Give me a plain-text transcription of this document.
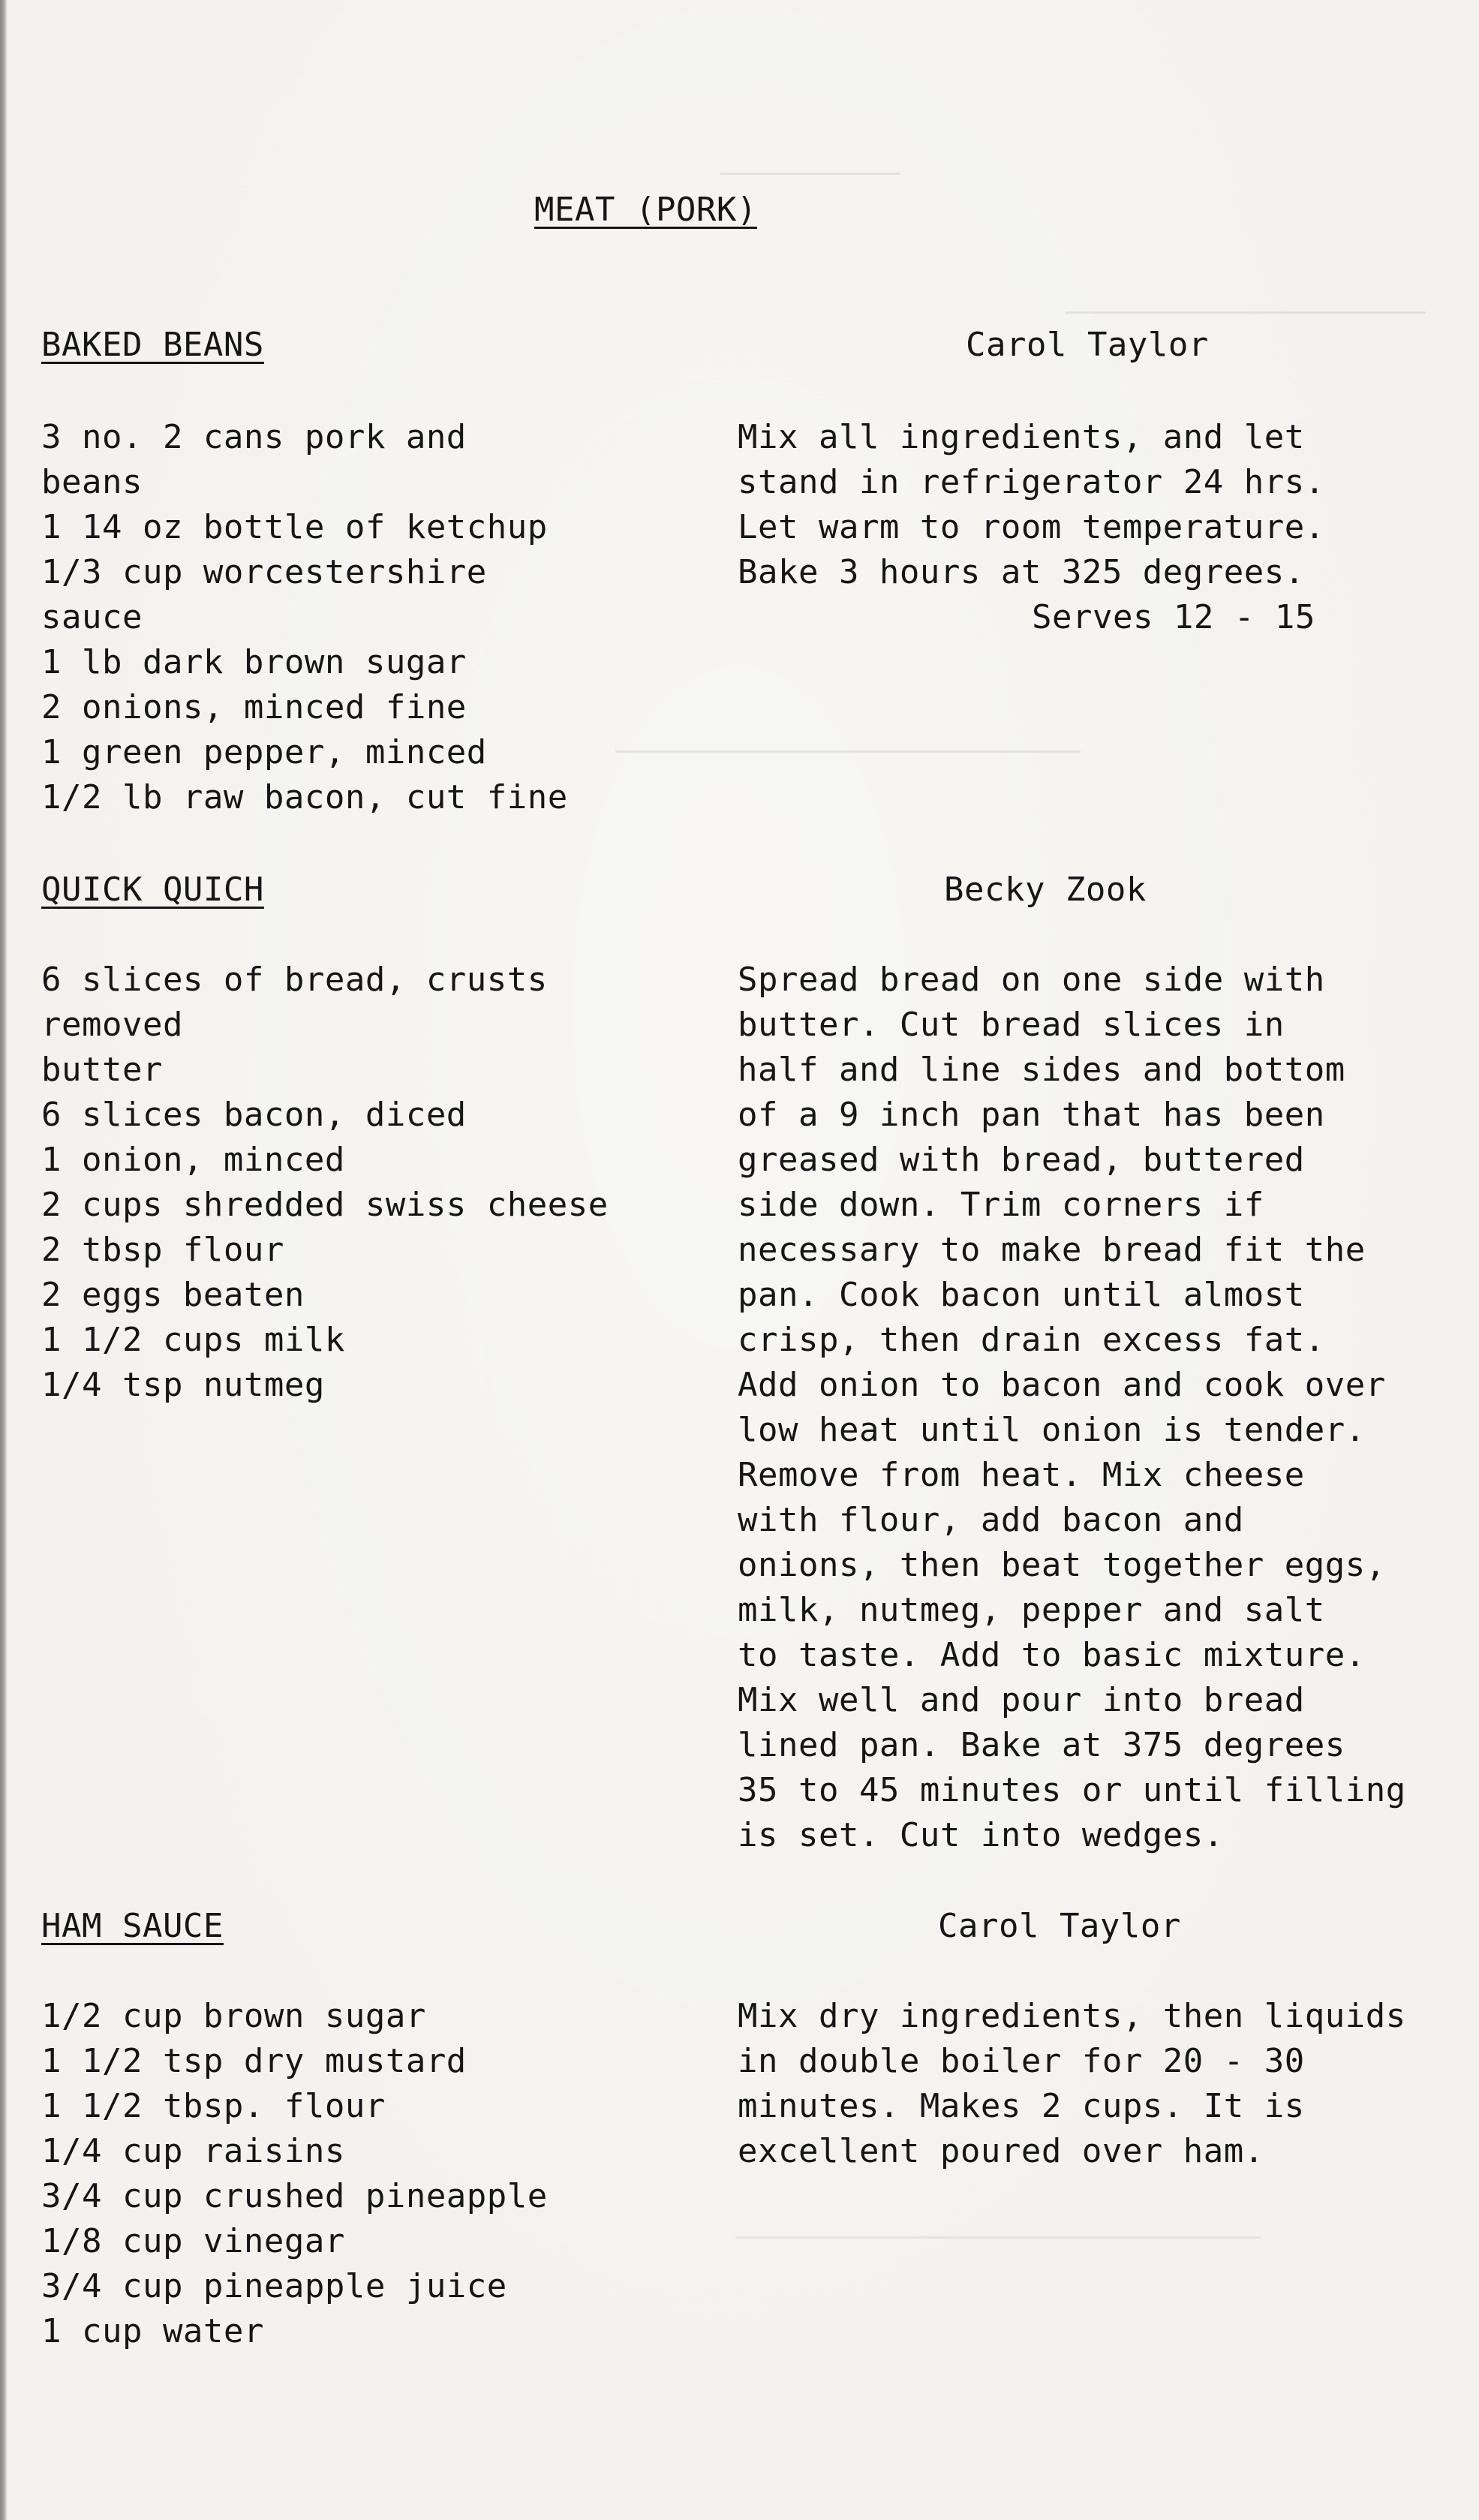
MEAT (PORK)
BAKED BEANS	Carol Taylor
3 no. 2 cans pork and
beans
1 14 oz bottle of ketchup
1/3 cup worcestershire
sauce
1 lb dark brown sugar
2 onions, minced fine
1 green pepper, minced
1/2 lb raw bacon, cut fine
Mix all ingredients, and let
stand in refrigerator 24 hrs.
Let warm to room temperature.
Bake 3 hours at 325 degrees.
Serves 12 - 15
QUICK QUICH	Becky Zook
6 slices of bread, crusts
removed
butter
6 slices bacon, diced
1 onion, minced
2 cups shredded swiss cheese
2 tbsp flour
2 eggs beaten
1 1/2 cups milk
1/4 tsp nutmeg
Spread bread on one side with
butter. Cut bread slices in
half and line sides and bottom
of a 9 inch pan that has been
greased with bread, buttered
side down. Trim corners if
necessary to make bread fit the
pan. Cook bacon until almost
crisp, then drain excess fat.
Add onion to bacon and cook over
low heat until onion is tender.
Remove from heat. Mix cheese
with flour, add bacon and
onions, then beat together eggs,
milk, nutmeg, pepper and salt
to taste. Add to basic mixture.
Mix well and pour into bread
lined pan. Bake at 375 degrees
35 to 45 minutes or until filling
is set. Cut into wedges.
HAM SAUCE	Carol Taylor
1/2 cup brown sugar
1 1/2 tsp dry mustard
1 1/2 tbsp. flour
1/4 cup raisins
3/4 cup crushed pineapple
1/8 cup vinegar
3/4 cup pineapple juice
1 cup water
Mix dry ingredients, then liquids
in double boiler for 20 - 30
minutes. Makes 2 cups. It is
excellent poured over ham.
